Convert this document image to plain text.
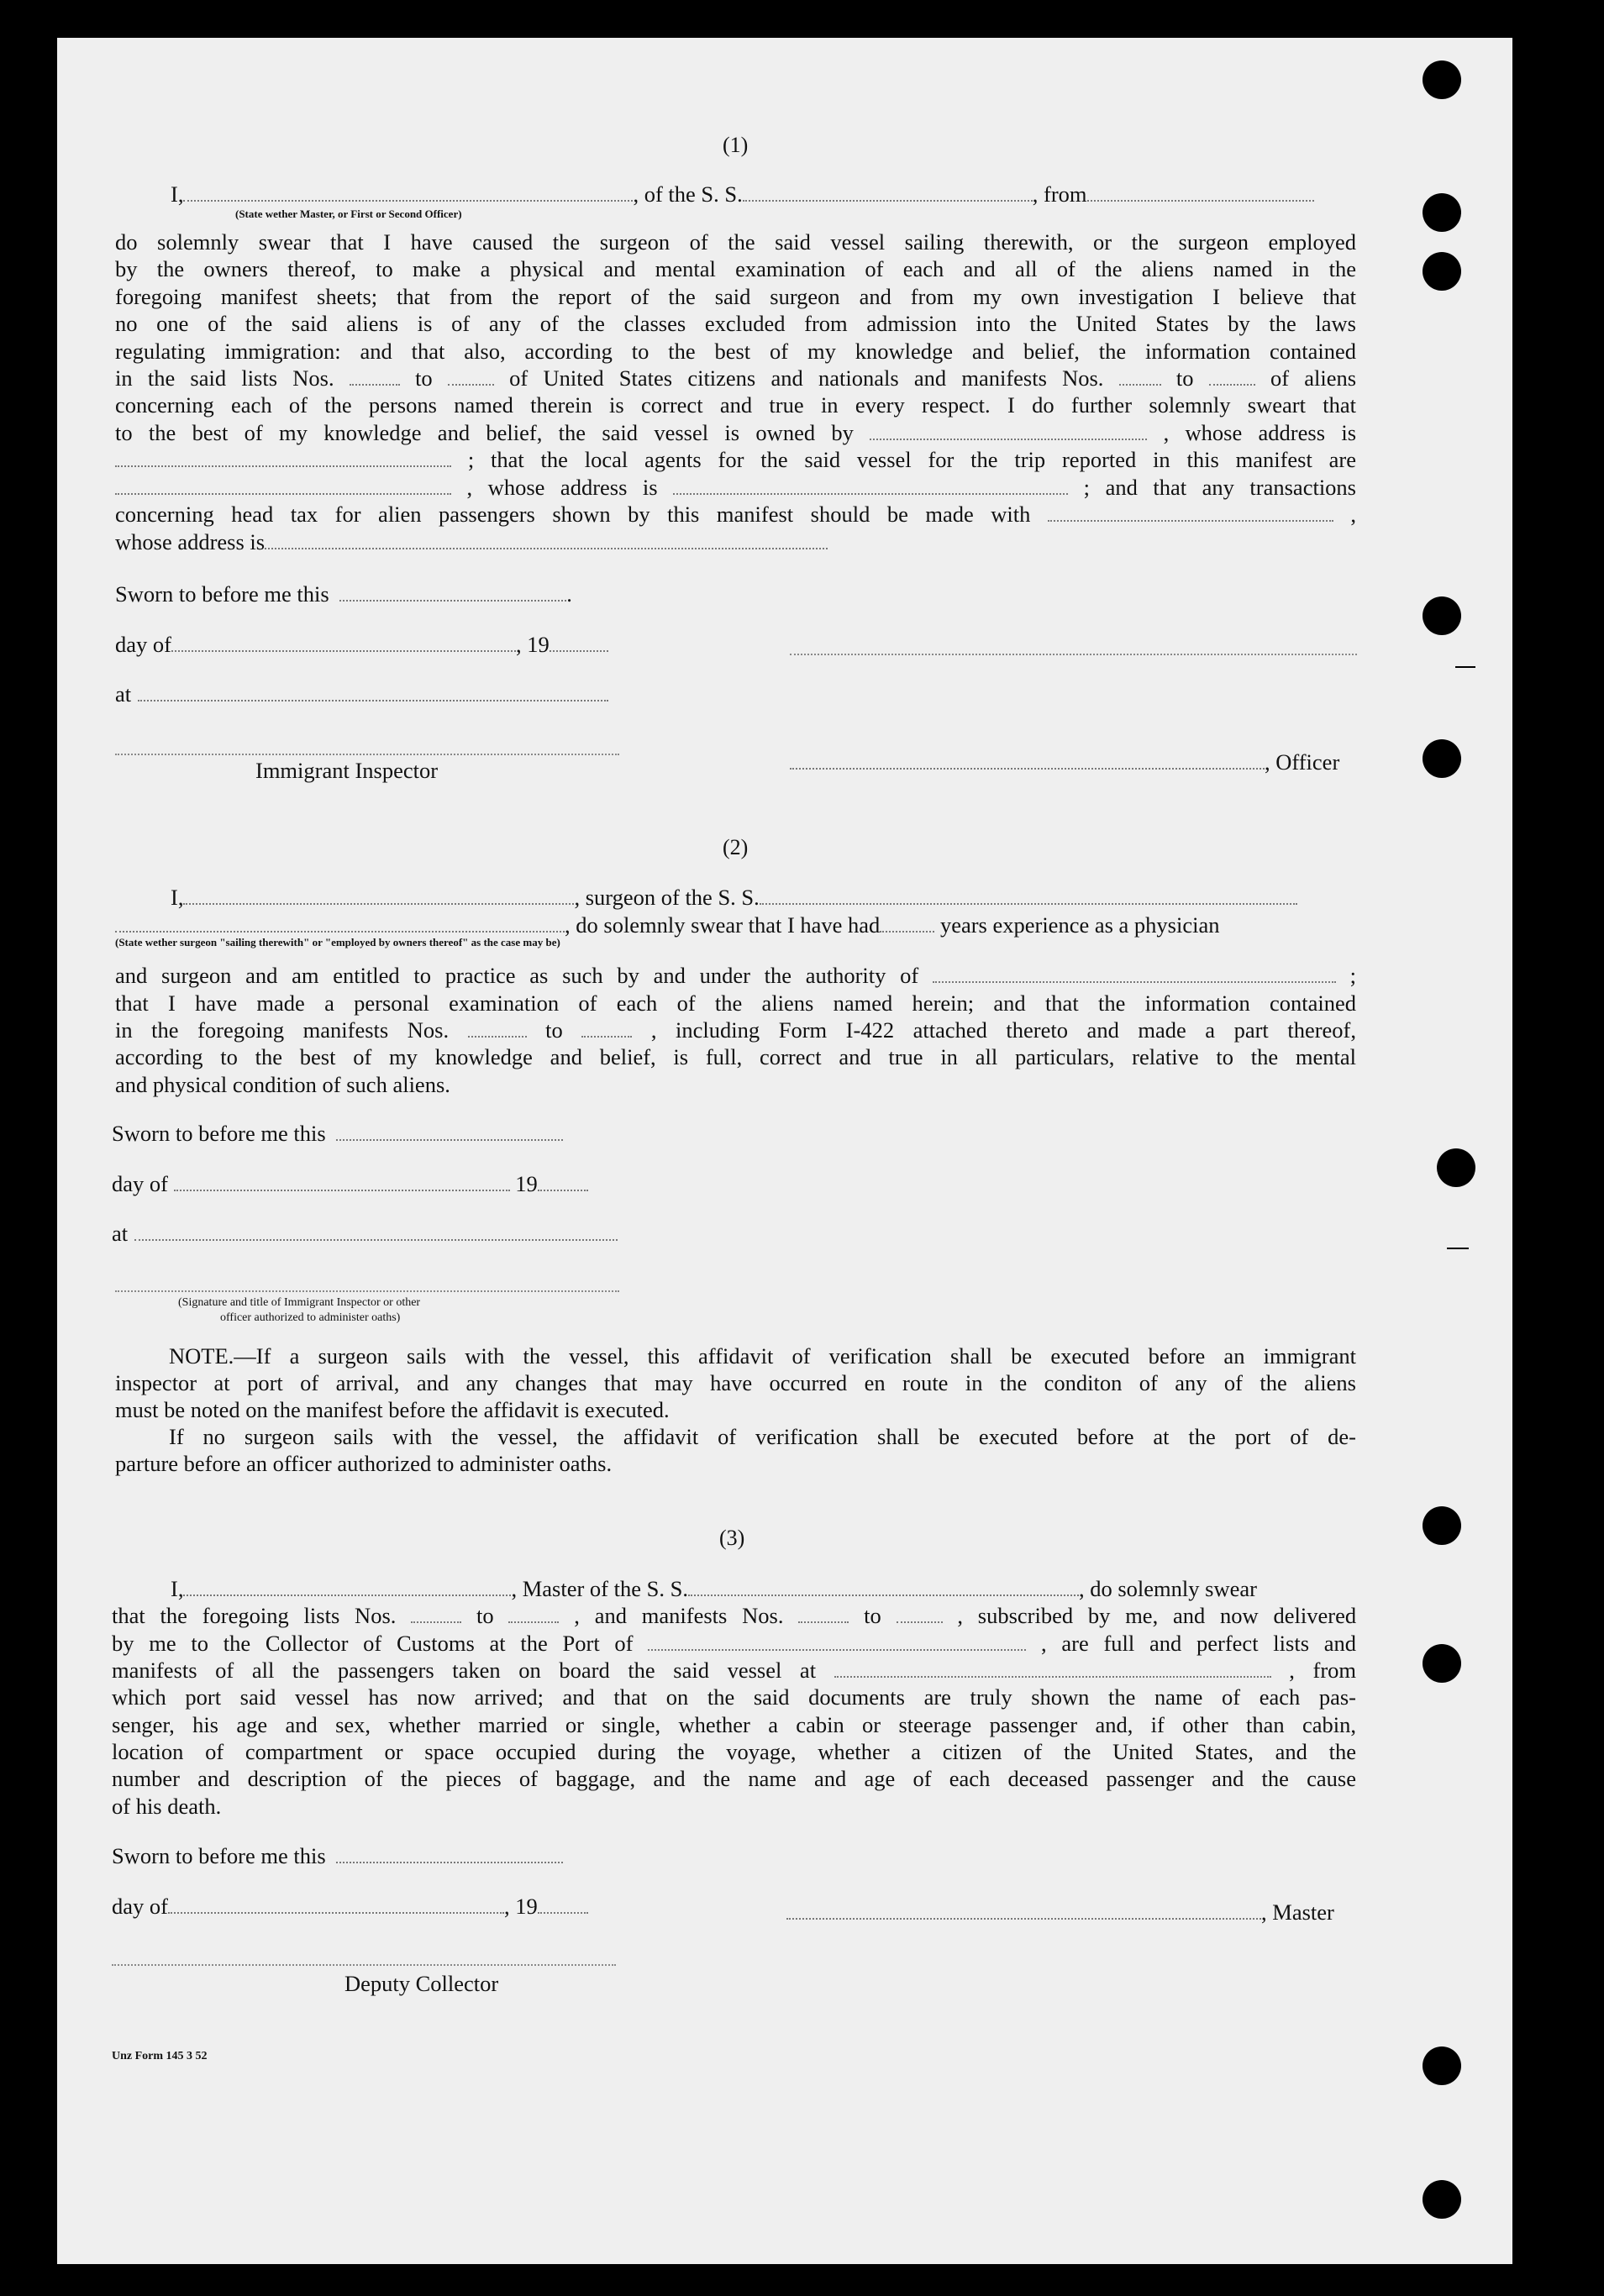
(1)
I,	, of the S. S.	, from
(State wether Master, or First or Second Officer)
do solemnly swear that I have caused the surgeon of the said vessel sailing therewith, or the surgeon employed
by the owners thereof, to make a physical and mental examination of each and all of the aliens named in the
foregoing manifest sheets; that from the report of the said surgeon and from my own investigation I believe that
no one of the said aliens is of any of the classes excluded from admission into the United States by the laws
regulating immigration: and that also, according to the best of my knowledge and belief, the information contained
in the said lists Nos.	to	of United States citizens and nationals and manifests Nos.	to	of aliens
concerning each of the persons named therein is correct and true in every respect. I do further solemnly sweart that
to the best of my knowledge and belief, the said vessel is owned by	, whose address is
; that the local agents for the said vessel for the trip reported in this manifest are
, whose address is	; and that any transactions
concerning head tax for alien passengers shown by this manifest should be made with	,
whose address is
Sworn to before me this	.
day of	, 19
at
Immigrant Inspector	, Officer
(2)
I,	, surgeon of the S. S.
, do solemnly swear that I have had	years experience as a physician
(State wether surgeon "sailing therewith" or "employed by owners thereof" as the case may be)
and surgeon and am entitled to practice as such by and under the authority of	;
that I have made a personal examination of each of the aliens named herein; and that the information contained
in the foregoing manifests Nos.	to	, including Form I-422 attached thereto and made a part thereof,
according to the best of my knowledge and belief, is full, correct and true in all particulars, relative to the mental
and physical condition of such aliens.
Sworn to before me this
day of	19
at
(Signature and title of Immigrant Inspector or other
officer authorized to administer oaths)
NOTE.—If a surgeon sails with the vessel, this affidavit of verification shall be executed before an immigrant
inspector at port of arrival, and any changes that may have occurred en route in the conditon of any of the aliens
must be noted on the manifest before the affidavit is executed.
If no surgeon sails with the vessel, the affidavit of verification shall be executed before at the port of de-
parture before an officer authorized to administer oaths.
(3)
I,	, Master of the S. S.	, do solemnly swear
that the foregoing lists Nos.	to	, and manifests Nos.	to	, subscribed by me, and now delivered
by me to the Collector of Customs at the Port of	, are full and perfect lists and
manifests of all the passengers taken on board the said vessel at	, from
which port said vessel has now arrived; and that on the said documents are truly shown the name of each pas-
senger, his age and sex, whether married or single, whether a cabin or steerage passenger and, if other than cabin,
location of compartment or space occupied during the voyage, whether a citizen of the United States, and the
number and description of the pieces of baggage, and the name and age of each deceased passenger and the cause
of his death.
Sworn to before me this
day of	, 19	, Master
Deputy Collector
Unz Form 145 3 52
